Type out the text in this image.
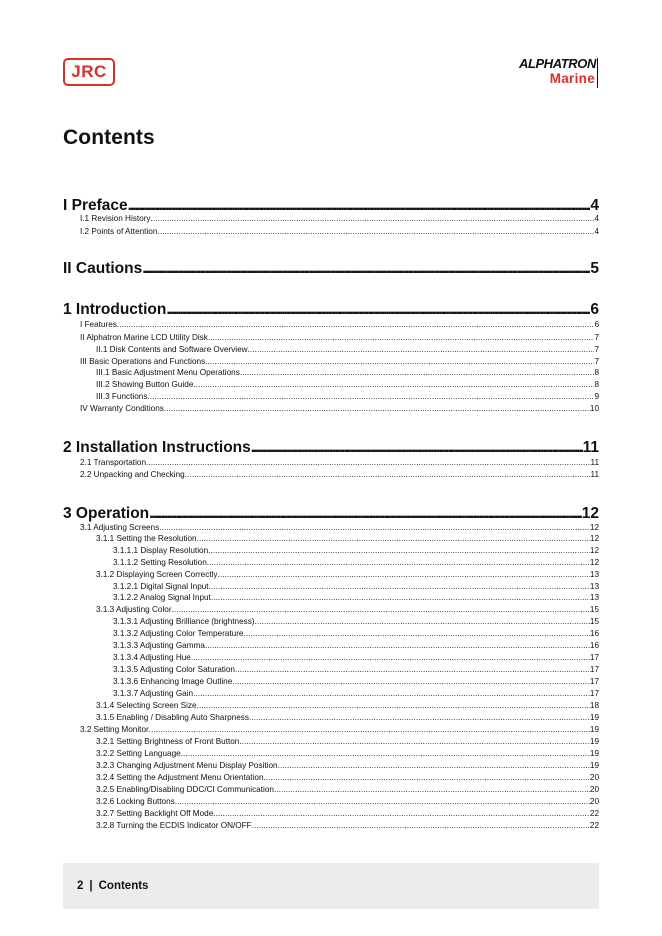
JRC	ALPHATRON
Marine
Contents
I Preface . . .	4
I.1 Revision History . . .	4
I.2 Points of Attention . . .	4
II Cautions . . .	5
1 Introduction . . .	6
I Features . . .	6
II Alphatron Marine LCD Utility Disk . . .	7
II.1 Disk Contents and Software Overview . . .	7
III Basic Operations and Functions . . .	7
III.1 Basic Adjustment Menu Operations . . .	8
III.2 Showing Button Guide . . .	8
III.3 Functions . . .	9
IV Warranty Conditions . . .	10
2 Installation Instructions . . .	11
2.1 Transportation . . .	11
2.2 Unpacking and Checking . . .	11
3 Operation . . .	12
3.1 Adjusting Screens . . .	12
3.1.1 Setting the Resolution . . .	12
3.1.1.1 Display Resolution . . .	12
3.1.1.2 Setting Resolution . . .	12
3.1.2 Displaying Screen Correctly . . .	13
3.1.2.1 Digital Signal Input . . .	13
3.1.2.2 Analog Signal Input . . .	13
3.1.3 Adjusting Color . . .	15
3.1.3.1 Adjusting Brilliance (brightness) . . .	15
3.1.3.2 Adjusting Color Temperature . . .	16
3.1.3.3 Adjusting Gamma . . .	16
3.1.3.4 Adjusting Hue . . .	17
3.1.3.5 Adjusting Color Saturation . . .	17
3.1.3.6 Enhancing Image Outline . . .	17
3.1.3.7 Adjusting Gain . . .	17
3.1.4 Selecting Screen Size . . .	18
3.1.5 Enabling / Disabling Auto Sharpness . . .	19
3.2 Setting Monitor . . .	19
3.2.1 Setting Brightness of Front Button . . .	19
3.2.2 Setting Language . . .	19
3.2.3 Changing Adjustment Menu Display Position . . .	19
3.2.4 Setting the Adjustment Menu Orientation . . .	20
3.2.5 Enabling/Disabling DDC/CI Communication . . .	20
3.2.6 Locking Buttons . . .	20
3.2.7 Setting Backlight Off Mode . . .	22
3.2.8 Turning the ECDIS Indicator ON/OFF . . .	22
2 | Contents
